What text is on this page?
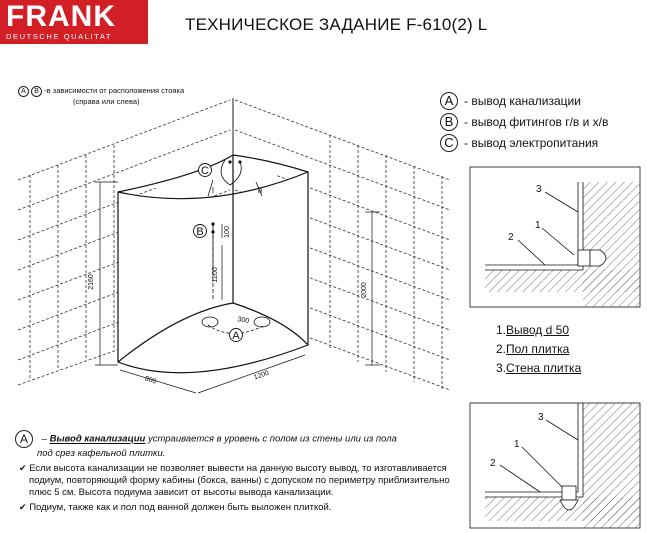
FRANK
DEUTSCHE QUALITAT
ТЕХНИЧЕСКОЕ ЗАДАНИЕ F-610(2) L
A B -в зависимости от расположения стояка
(справа или слева)	A - вывод канализации
B - вывод фитингов г/в и х/в
C - вывод электропитания
C
B
A
I	II
2160
2000
1200
100
800	1200
300
3
1
2
3
1
2
1.Вывод d 50
2.Пол плитка
3.Стена плитка
A – Вывод канализации устраивается в уровень с полом из стены или из пола
под срез кафельной плитки.
✔ Если высота канализации не позволяет вывести на данную высоту вывод, то изготавливается подиум, повторяющий форму кабины (бокса, ванны) с допуском по периметру приблизительно плюс 5 см. Высота подиума зависит от высоты вывода канализации.
✔ Подиум, также как и пол под ванной должен быть выложен плиткой.
